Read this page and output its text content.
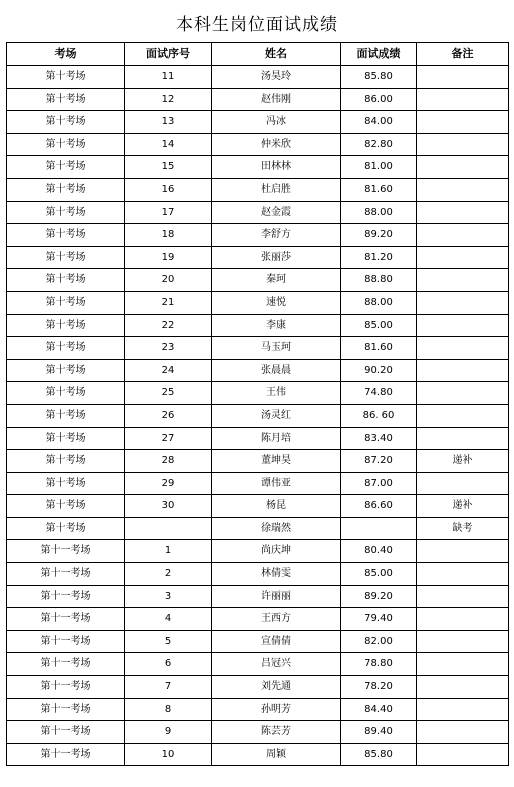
本科生岗位面试成绩
考场	面试序号	姓名	面试成绩	备注
第十考场	11	汤昊玲	85.80	
第十考场	12	赵伟刚	86.00	
第十考场	13	冯冰	84.00	
第十考场	14	仲米欣	82.80	
第十考场	15	田林林	81.00	
第十考场	16	杜启胜	81.60	
第十考场	17	赵金霞	88.00	
第十考场	18	李舒方	89.20	
第十考场	19	张丽莎	81.20	
第十考场	20	秦珂	88.80	
第十考场	21	速悦	88.00	
第十考场	22	李康	85.00	
第十考场	23	马玉珂	81.60	
第十考场	24	张晨晨	90.20	
第十考场	25	王伟	74.80	
第十考场	26	汤灵红	86. 60	
第十考场	27	陈月培	83.40	
第十考场	28	董坤昊	87.20	递补
第十考场	29	谭伟亚	87.00	
第十考场	30	杨昆	86.60	递补
第十考场		徐瑞然		缺考
第十一考场	1	尚庆坤	80.40	
第十一考场	2	林倩雯	85.00	
第十一考场	3	许丽丽	89.20	
第十一考场	4	王西方	79.40	
第十一考场	5	宣倩倩	82.00	
第十一考场	6	吕冠兴	78.80	
第十一考场	7	刘先通	78.20	
第十一考场	8	孙明芳	84.40	
第十一考场	9	陈芸芳	89.40	
第十一考场	10	周颖	85.80	
